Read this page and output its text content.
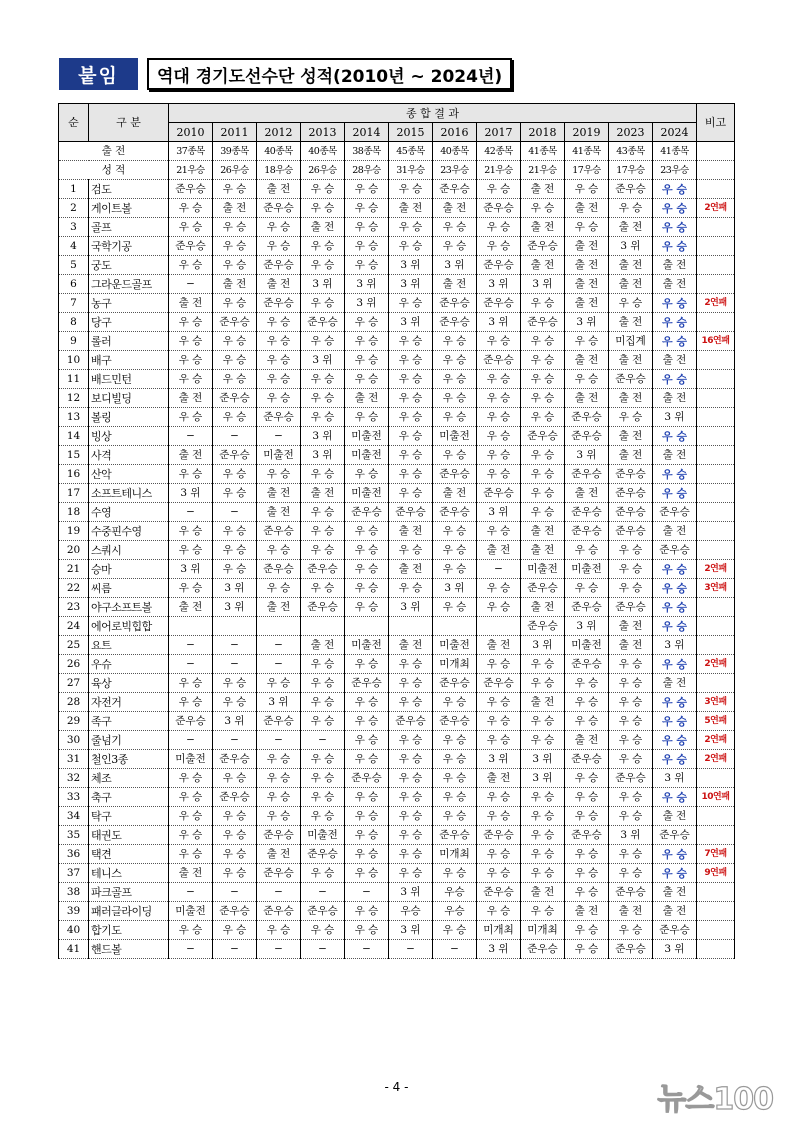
붙임	역대 경기도선수단 성적(2010년 ~ 2024년)
순	구 분	종 합 결 과												비고
		2010	2011	2012	2013	2014	2015	2016	2017	2018	2019	2023	2024	
출 전		37종목	39종목	40종목	40종목	38종목	45종목	40종목	42종목	41종목	41종목	43종목	41종목	
성 적		21우승	26우승	18우승	26우승	28우승	31우승	23우승	21우승	21우승	17우승	17우승	23우승	
1	검도	준우승	우 승	출 전	우 승	우 승	우 승	준우승	우 승	출 전	우 승	준우승	우 승	
2	게이트볼	우 승	출 전	준우승	우 승	우 승	출 전	출 전	준우승	우 승	출 전	우 승	우 승	2연패
3	골프	우 승	우 승	우 승	출 전	우 승	우 승	우 승	우 승	출 전	우 승	출 전	우 승	
4	국학기공	준우승	우 승	우 승	우 승	우 승	우 승	우 승	우 승	준우승	출 전	3 위	우 승	
5	궁도	우 승	우 승	준우승	우 승	우 승	3 위	3 위	준우승	출 전	출 전	출 전	출 전	
6	그라운드골프	−	출 전	출 전	3 위	3 위	3 위	출 전	3 위	3 위	출 전	출 전	출 전	
7	농구	출 전	우 승	준우승	우 승	3 위	우 승	준우승	준우승	우 승	출 전	우 승	우 승	2연패
8	당구	우 승	준우승	우 승	준우승	우 승	3 위	준우승	3 위	준우승	3 위	출 전	우 승	
9	롤러	우 승	우 승	우 승	우 승	우 승	우 승	우 승	우 승	우 승	우 승	미집계	우 승	16연패
10	배구	우 승	우 승	우 승	3 위	우 승	우 승	우 승	준우승	우 승	출 전	출 전	출 전	
11	배드민턴	우 승	우 승	우 승	우 승	우 승	우 승	우 승	우 승	우 승	우 승	준우승	우 승	
12	보디빌딩	출 전	준우승	우 승	우 승	출 전	우 승	우 승	우 승	우 승	출 전	출 전	출 전	
13	볼링	우 승	우 승	준우승	우 승	우 승	우 승	우 승	우 승	우 승	준우승	우 승	3 위	
14	빙상	−	−	−	3 위	미출전	우 승	미출전	우 승	준우승	준우승	출 전	우 승	
15	사격	출 전	준우승	미출전	3 위	미출전	우 승	우 승	우 승	우 승	3 위	출 전	출 전	
16	산악	우 승	우 승	우 승	우 승	우 승	우 승	준우승	우 승	우 승	준우승	준우승	우 승	
17	소프트테니스	3 위	우 승	출 전	출 전	미출전	우 승	출 전	준우승	우 승	출 전	준우승	우 승	
18	수영	−	−	출 전	우 승	준우승	준우승	준우승	3 위	우 승	준우승	준우승	준우승	
19	수중핀수영	우 승	우 승	준우승	우 승	우 승	출 전	우 승	우 승	출 전	준우승	준우승	출 전	
20	스쿼시	우 승	우 승	우 승	우 승	우 승	우 승	우 승	출 전	출 전	우 승	우 승	준우승	
21	승마	3 위	우 승	준우승	준우승	우 승	출 전	우 승	−	미출전	미출전	우 승	우 승	2연패
22	씨름	우 승	3 위	우 승	우 승	우 승	우 승	3 위	우 승	준우승	우 승	우 승	우 승	3연패
23	야구소프트볼	출 전	3 위	출 전	준우승	우 승	3 위	우 승	우 승	출 전	준우승	준우승	우 승	
24	에어로빅힙합									준우승	3 위	출 전	우 승	
25	요트	−	−	−	출 전	미출전	출 전	미출전	출 전	3 위	미출전	출 전	3 위	
26	우슈	−	−	−	우 승	우 승	우 승	미개최	우 승	우 승	준우승	우 승	우 승	2연패
27	육상	우 승	우 승	우 승	우 승	준우승	우 승	준우승	준우승	우 승	우 승	우 승	출 전	
28	자전거	우 승	우 승	3 위	우 승	우 승	우 승	우 승	우 승	출 전	우 승	우 승	우 승	3연패
29	족구	준우승	3 위	준우승	우 승	우 승	준우승	준우승	우 승	우 승	우 승	우 승	우 승	5연패
30	줄넘기	−	−	−	−	우 승	우 승	우 승	우 승	우 승	출 전	우 승	우 승	2연패
31	철인3종	미출전	준우승	우 승	우 승	우 승	우 승	우 승	3 위	3 위	준우승	우 승	우 승	2연패
32	체조	우 승	우 승	우 승	우 승	준우승	우 승	우 승	출 전	3 위	우 승	준우승	3 위	
33	축구	우 승	준우승	우 승	우 승	우 승	우 승	우 승	우 승	우 승	우 승	우 승	우 승	10연패
34	탁구	우 승	우 승	우 승	우 승	우 승	우 승	우 승	우 승	우 승	우 승	우 승	출 전	
35	태권도	우 승	우 승	준우승	미출전	우 승	우 승	준우승	준우승	우 승	준우승	3 위	준우승	
36	택견	우 승	우 승	출 전	준우승	우 승	우 승	미개최	우 승	우 승	우 승	우 승	우 승	7연패
37	테니스	출 전	우 승	준우승	우 승	우 승	우 승	우 승	우 승	우 승	우 승	우 승	우 승	9연패
38	파크골프	−	−	−	−	−	3 위	우승	준우승	출 전	우 승	준우승	출 전	
39	패러글라이딩	미출전	준우승	준우승	준우승	우 승	우승	우승	우 승	우 승	출 전	출 전	출 전	
40	합기도	우 승	우 승	우 승	우 승	우 승	3 위	우 승	미개최	미개최	우 승	우 승	준우승	
41	핸드볼	−	−	−	−	−	−	−	3 위	준우승	우 승	준우승	3 위	
- 4 -	뉴스100
